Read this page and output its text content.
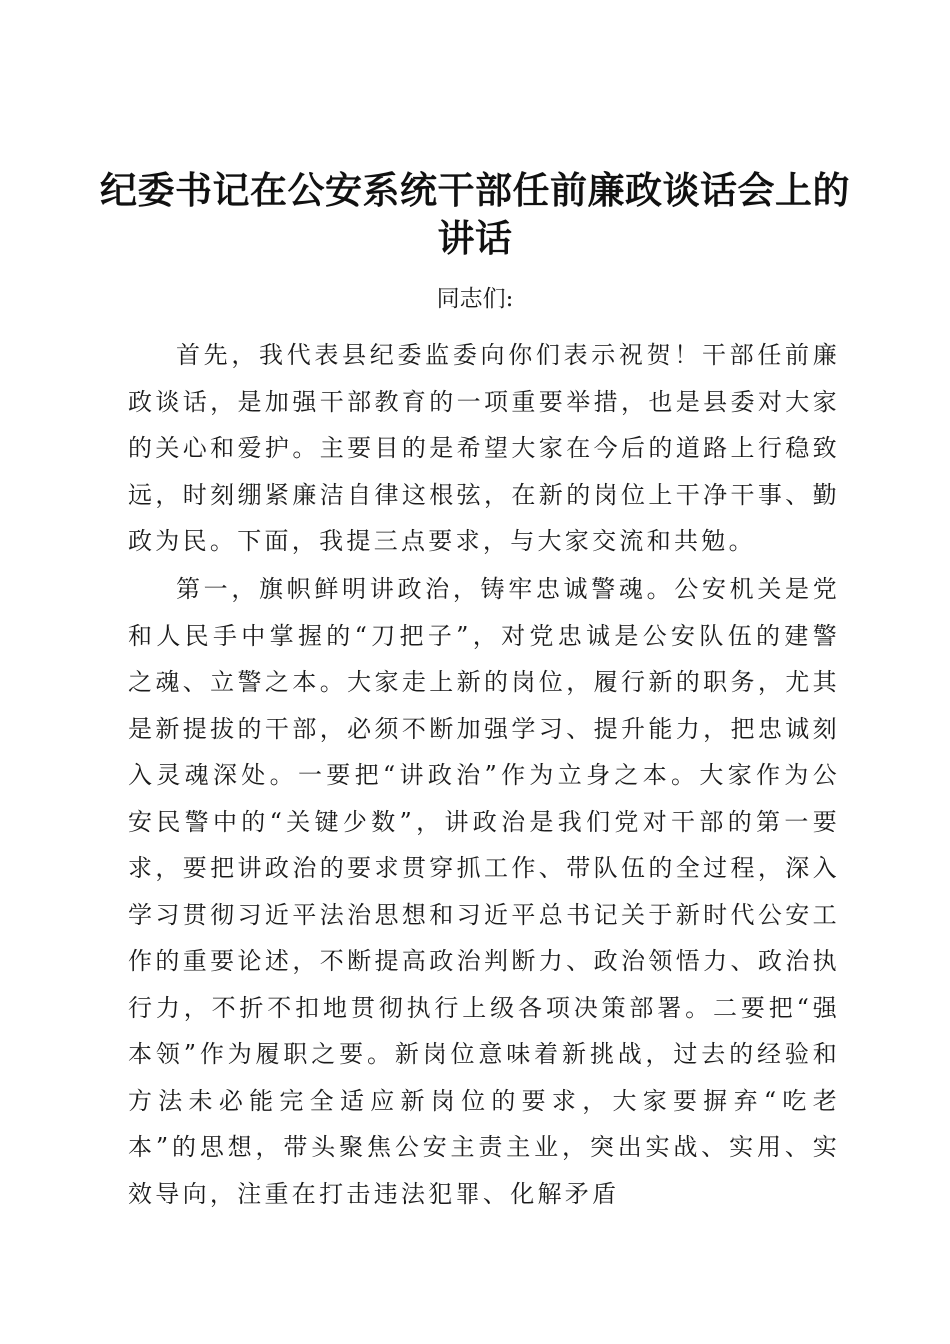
纪委书记在公安系统干部任前廉政谈话会上的讲话

同志们:

首先，我代表县纪委监委向你们表示祝贺！干部任前廉政谈话，是加强干部教育的一项重要举措，也是县委对大家的关心和爱护。主要目的是希望大家在今后的道路上行稳致远，时刻绷紧廉洁自律这根弦，在新的岗位上干净干事、勤政为民。下面，我提三点要求，与大家交流和共勉。

第一，旗帜鲜明讲政治，铸牢忠诚警魂。公安机关是党和人民手中掌握的“刀把子”，对党忠诚是公安队伍的建警之魂、立警之本。大家走上新的岗位，履行新的职务，尤其是新提拔的干部，必须不断加强学习、提升能力，把忠诚刻入灵魂深处。一要把“讲政治”作为立身之本。大家作为公安民警中的“关键少数”，讲政治是我们党对干部的第一要求，要把讲政治的要求贯穿抓工作、带队伍的全过程，深入学习贯彻习近平法治思想和习近平总书记关于新时代公安工作的重要论述，不断提高政治判断力、政治领悟力、政治执行力，不折不扣地贯彻执行上级各项决策部署。二要把“强本领”作为履职之要。新岗位意味着新挑战，过去的经验和方法未必能完全适应新岗位的要求，大家要摒弃“吃老本”的思想，带头聚焦公安主责主业，突出实战、实用、实效导向，注重在打击违法犯罪、化解矛盾
